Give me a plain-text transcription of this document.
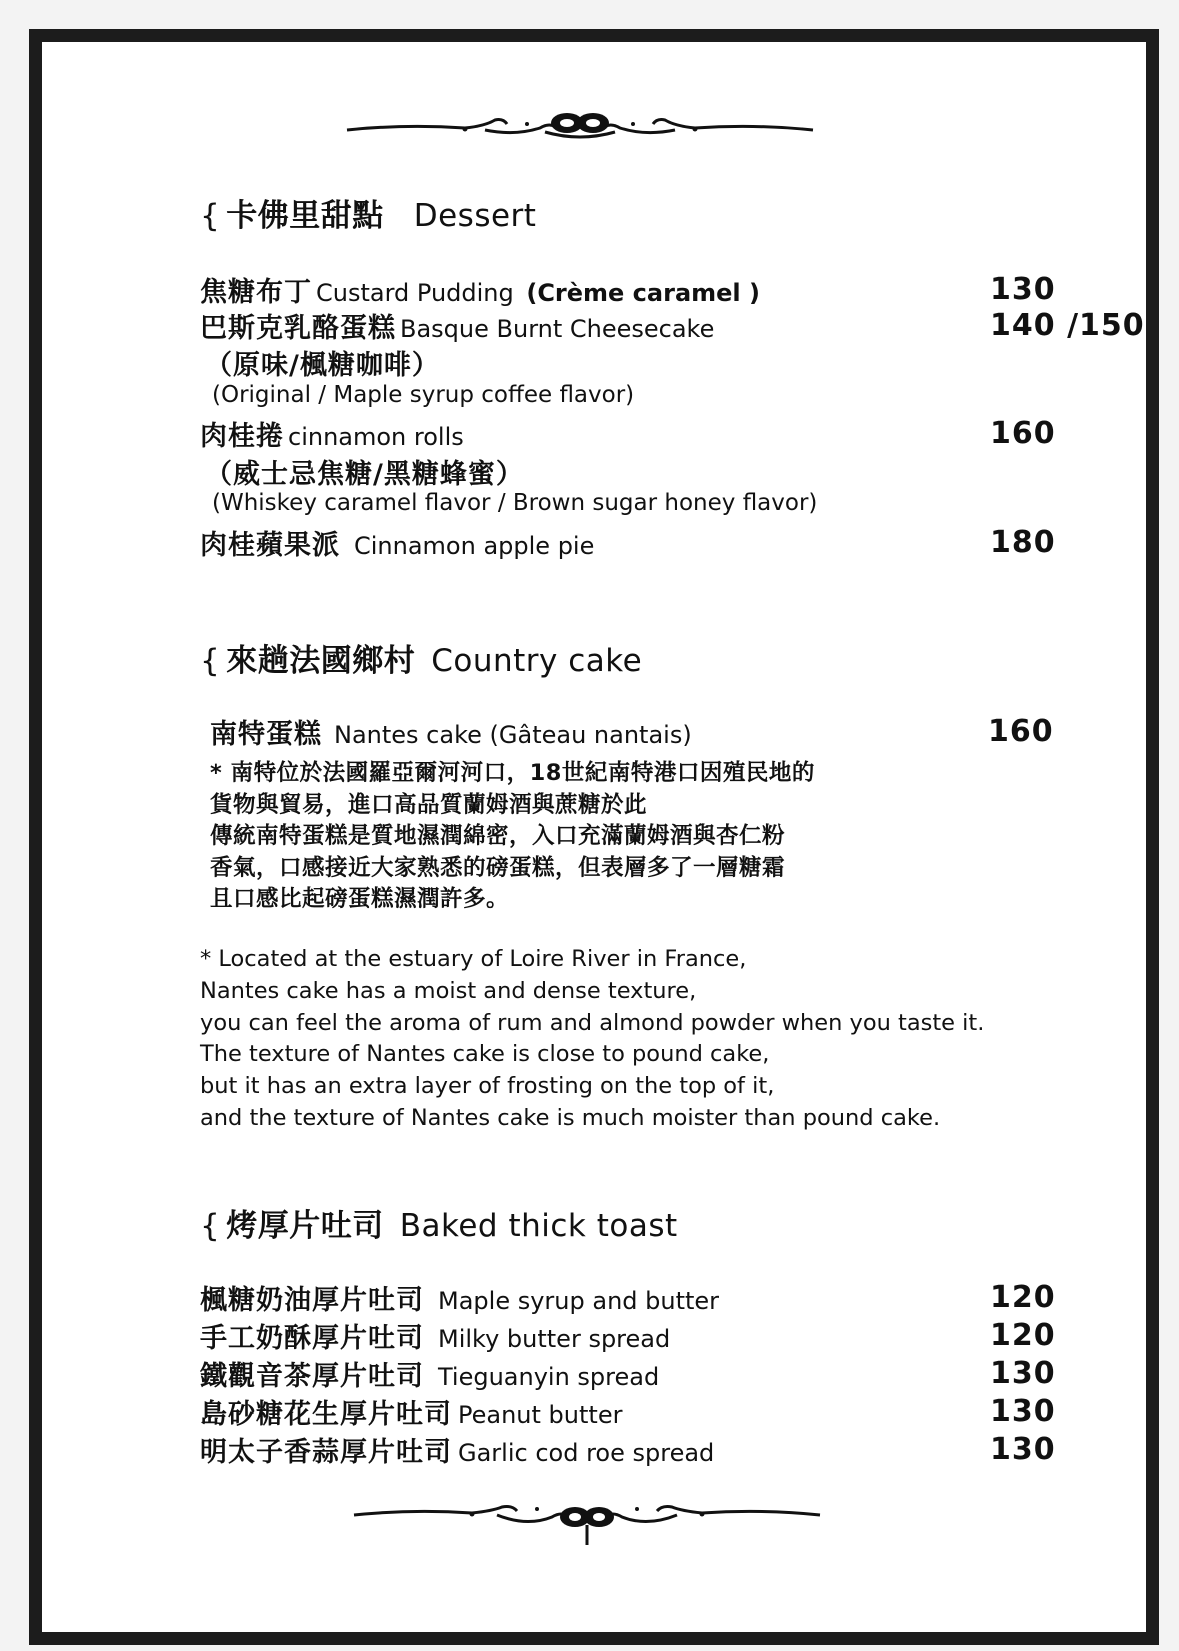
{ 卡佛里甜點 Dessert
焦糖布丁 Custard Pudding (Crème caramel )	130
巴斯克乳酪蛋糕 Basque Burnt Cheesecake	140 /150
（原味/楓糖咖啡）
(Original / Maple syrup coffee flavor)
肉桂捲 cinnamon rolls	160
（威士忌焦糖/黑糖蜂蜜）
(Whiskey caramel flavor / Brown sugar honey flavor)
肉桂蘋果派 Cinnamon apple pie	180
{ 來趟法國鄉村 Country cake
南特蛋糕 Nantes cake (Gâteau nantais)	160
* 南特位於法國羅亞爾河河口，18世紀南特港口因殖民地的
貨物與貿易，進口高品質蘭姆酒與蔗糖於此
傳統南特蛋糕是質地濕潤綿密，入口充滿蘭姆酒與杏仁粉
香氣，口感接近大家熟悉的磅蛋糕，但表層多了一層糖霜
且口感比起磅蛋糕濕潤許多。
* Located at the estuary of Loire River in France,
Nantes cake has a moist and dense texture,
you can feel the aroma of rum and almond powder when you taste it.
The texture of Nantes cake is close to pound cake,
but it has an extra layer of frosting on the top of it,
and the texture of Nantes cake is much moister than pound cake.
{ 烤厚片吐司 Baked thick toast
楓糖奶油厚片吐司 Maple syrup and butter	120
手工奶酥厚片吐司 Milky butter spread	120
鐵觀音茶厚片吐司 Tieguanyin spread	130
島砂糖花生厚片吐司 Peanut butter	130
明太子香蒜厚片吐司 Garlic cod roe spread	130
